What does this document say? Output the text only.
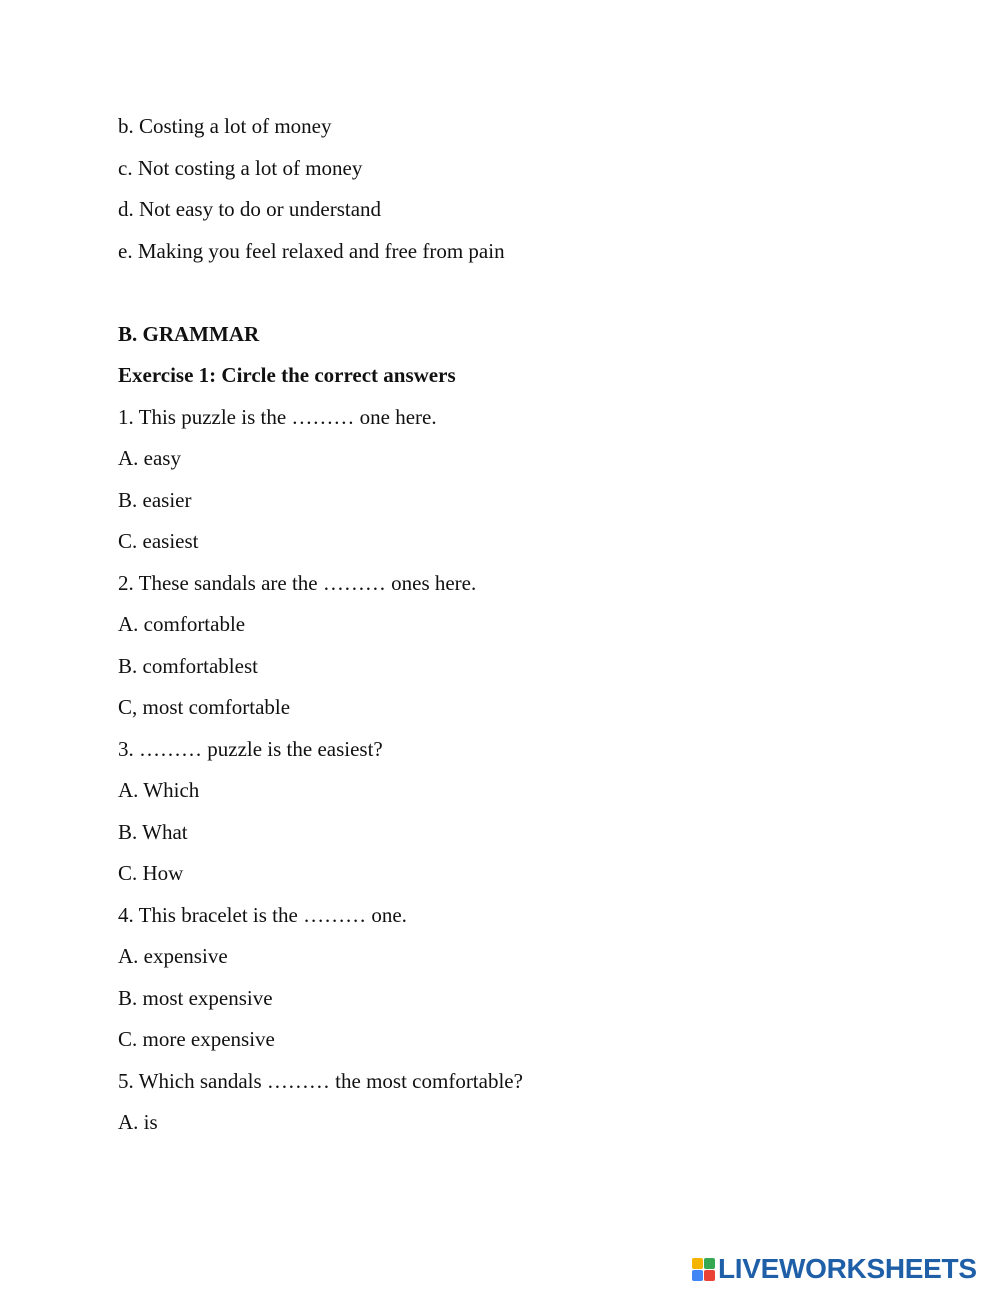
b. Costing a lot of money
c. Not costing a lot of money
d. Not easy to do or understand
e. Making you feel relaxed and free from pain
B. GRAMMAR
Exercise 1: Circle the correct answers
1. This puzzle is the ……… one here.
A. easy
B. easier
C. easiest
2. These sandals are the ……… ones here.
A. comfortable
B. comfortablest
C, most comfortable
3. ……… puzzle is the easiest?
A. Which
B. What
C. How
4. This bracelet is the ……… one.
A. expensive
B. most expensive
C. more expensive
5. Which sandals ……… the most comfortable?
A. is
LIVEWORKSHEETS
